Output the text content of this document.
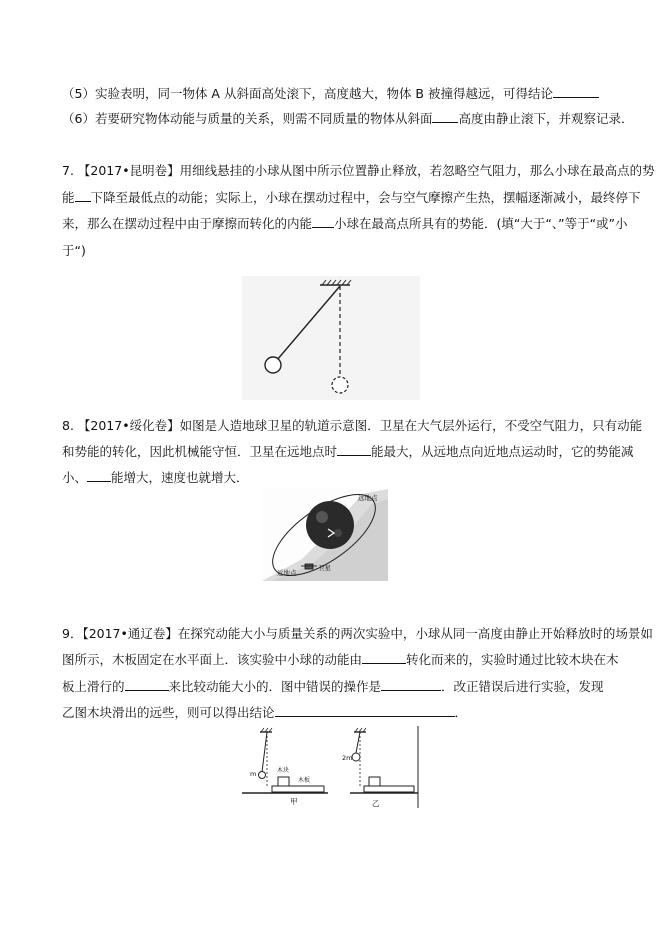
（5）实验表明，同一物体 A 从斜面高处滚下，高度越大，物体 B 被撞得越远，可得结论
（6）若要研究物体动能与质量的关系，则需不同质量的物体从斜面 高度由静止滚下，并观察记录．
7. 【2017•昆明卷】用细线悬挂的小球从图中所示位置静止释放，若忽略空气阻力，那么小球在最高点的势
能 下降至最低点的动能；实际上，小球在摆动过程中，会与空气摩擦产生热，摆幅逐渐减小，最终停下
来，那么在摆动过程中由于摩擦而转化的内能 小球在最高点所具有的势能．(填“大于“、”等于“或”小
于“)
8. 【2017•绥化卷】如图是人造地球卫星的轨道示意图．卫星在大气层外运行，不受空气阻力，只有动能
和势能的转化，因此机械能守恒．卫星在远地点时	能最大，从远地点向近地点运动时，它的势能减
小、 能增大，速度也就增大．
远地点
近地点
卫星
9．【2017•通辽卷】在探究动能大小与质量关系的两次实验中，小球从同一高度由静止开始释放时的场景如
图所示，木板固定在水平面上．该实验中小球的动能由	转化而来的，实验时通过比较木块在木
板上滑行的	来比较动能大小的．图中错误的操作是	．改正错误后进行实验，发现
乙图木块滑出的远些，则可以得出结论	．
m	木块
木板
甲
2m
乙
